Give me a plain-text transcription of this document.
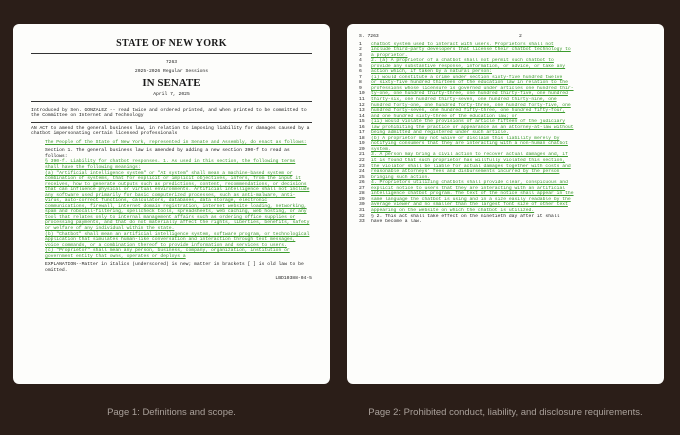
STATE OF NEW YORK
7263
2025-2026 Regular Sessions
IN SENATE
April 7, 2025

Introduced by Sen. GONZALEZ -- read twice and ordered printed, and when printed to be committed to the Committee on Internet and Technology

AN ACT to amend the general business law, in relation to imposing liability for damages caused by a chatbot impersonating certain licensed professionals

The People of the State of New York, represented in Senate and Assembly, do enact as follows:

Section 1. The general business law is amended by adding a new section 390-f to read as follows:

§ 390-f. Liability for chatbot responses. 1. As used in this section, the following terms shall have the following meanings:

(a) "Artificial intelligence system" or "AI system" shall mean a machine-based system or combination of systems, that for explicit or implicit objectives, infers, from the input it receives, how to generate outputs such as predictions, content, recommendations, or decisions that can influence physical or virtual environments. Artificial intelligence shall not include any software used primarily for basic computerized processes, such as anti-malware, anti-virus, auto-correct functions, calculators, databases, data storage, electronic communications, firewall, internet domain registration, internet website loading, networking, spam and robocall-filtering, spellcheck tools, spreadsheets, web caching, web hosting, or any tool that relates only to internal management affairs such as ordering office supplies or processing payments, and that do not materially affect the rights, liberties, benefits, safety or welfare of any individual within the state.

(b) "Chatbot" shall mean an artificial intelligence system, software program, or technological application that simulates human-like conversation and interaction through text messages, voice commands, or a combination thereof to provide information and services to users.

(c) "Proprietor" shall mean any person, business, company, organization, institution or government entity that owns, operates or deploys a

EXPLANATION--Matter in italics (underscored) is new; matter in brackets [ ] is old law to be omitted.

LBD10388-04-5
S. 7263	2
1	chatbot system used to interact with users. Proprietors shall not
2	include third-party developers that license their chatbot technology to
3	a proprietor.
4	2. (a) A proprietor of a chatbot shall not permit such chatbot to
5	provide any substantive response, information, or advice, or take any
6	action which, if taken by a natural person:
7	(i) would constitute a crime under section sixty-five hundred twelve
8	or sixty-five hundred thirteen of the education law in relation to the
9	professions whose licensure is governed under articles one hundred thir-
10	ty-one, one hundred thirty-three, one hundred thirty-five, one hundred
11	thirty-six, one hundred thirty-seven, one hundred thirty-nine, one
12	hundred forty-one, one hundred forty-three, one hundred forty-five, one
13	hundred forty-seven, one hundred fifty-three, one hundred fifty-four,
14	and one hundred sixty-three of the education law; or
15	(ii) would violate the provisions of article fifteen of the judiciary
16	law prohibiting the practice or appearance as an attorney-at-law without
17	being admitted and registered under such article.
18	(b) A proprietor may not waive or disclaim this liability merely by
19	notifying consumers that they are interacting with a non-human chatbot
20	system.
21	3. A person may bring a civil action to recover actual damages and, if
22	it is found that such proprietor has willfully violated this section,
23	the violator shall be liable for actual damages together with costs and
24	reasonable attorneys' fees and disbursements incurred by the person
25	bringing such action.
26	4. Proprietors utilizing chatbots shall provide clear, conspicuous and
27	explicit notice to users that they are interacting with an artificial
28	intelligence chatbot program. The text of the notice shall appear in the
29	same language the chatbot is using and in a size easily readable by the
30	average viewer and no smaller than the largest font size of other text
31	appearing on the website on which the chatbot is utilized.
32	§ 2. This act shall take effect on the ninetieth day after it shall
33	have become a law.
Page 1: Definitions and scope.	Page 2: Prohibited conduct, liability, and disclosure requirements.
